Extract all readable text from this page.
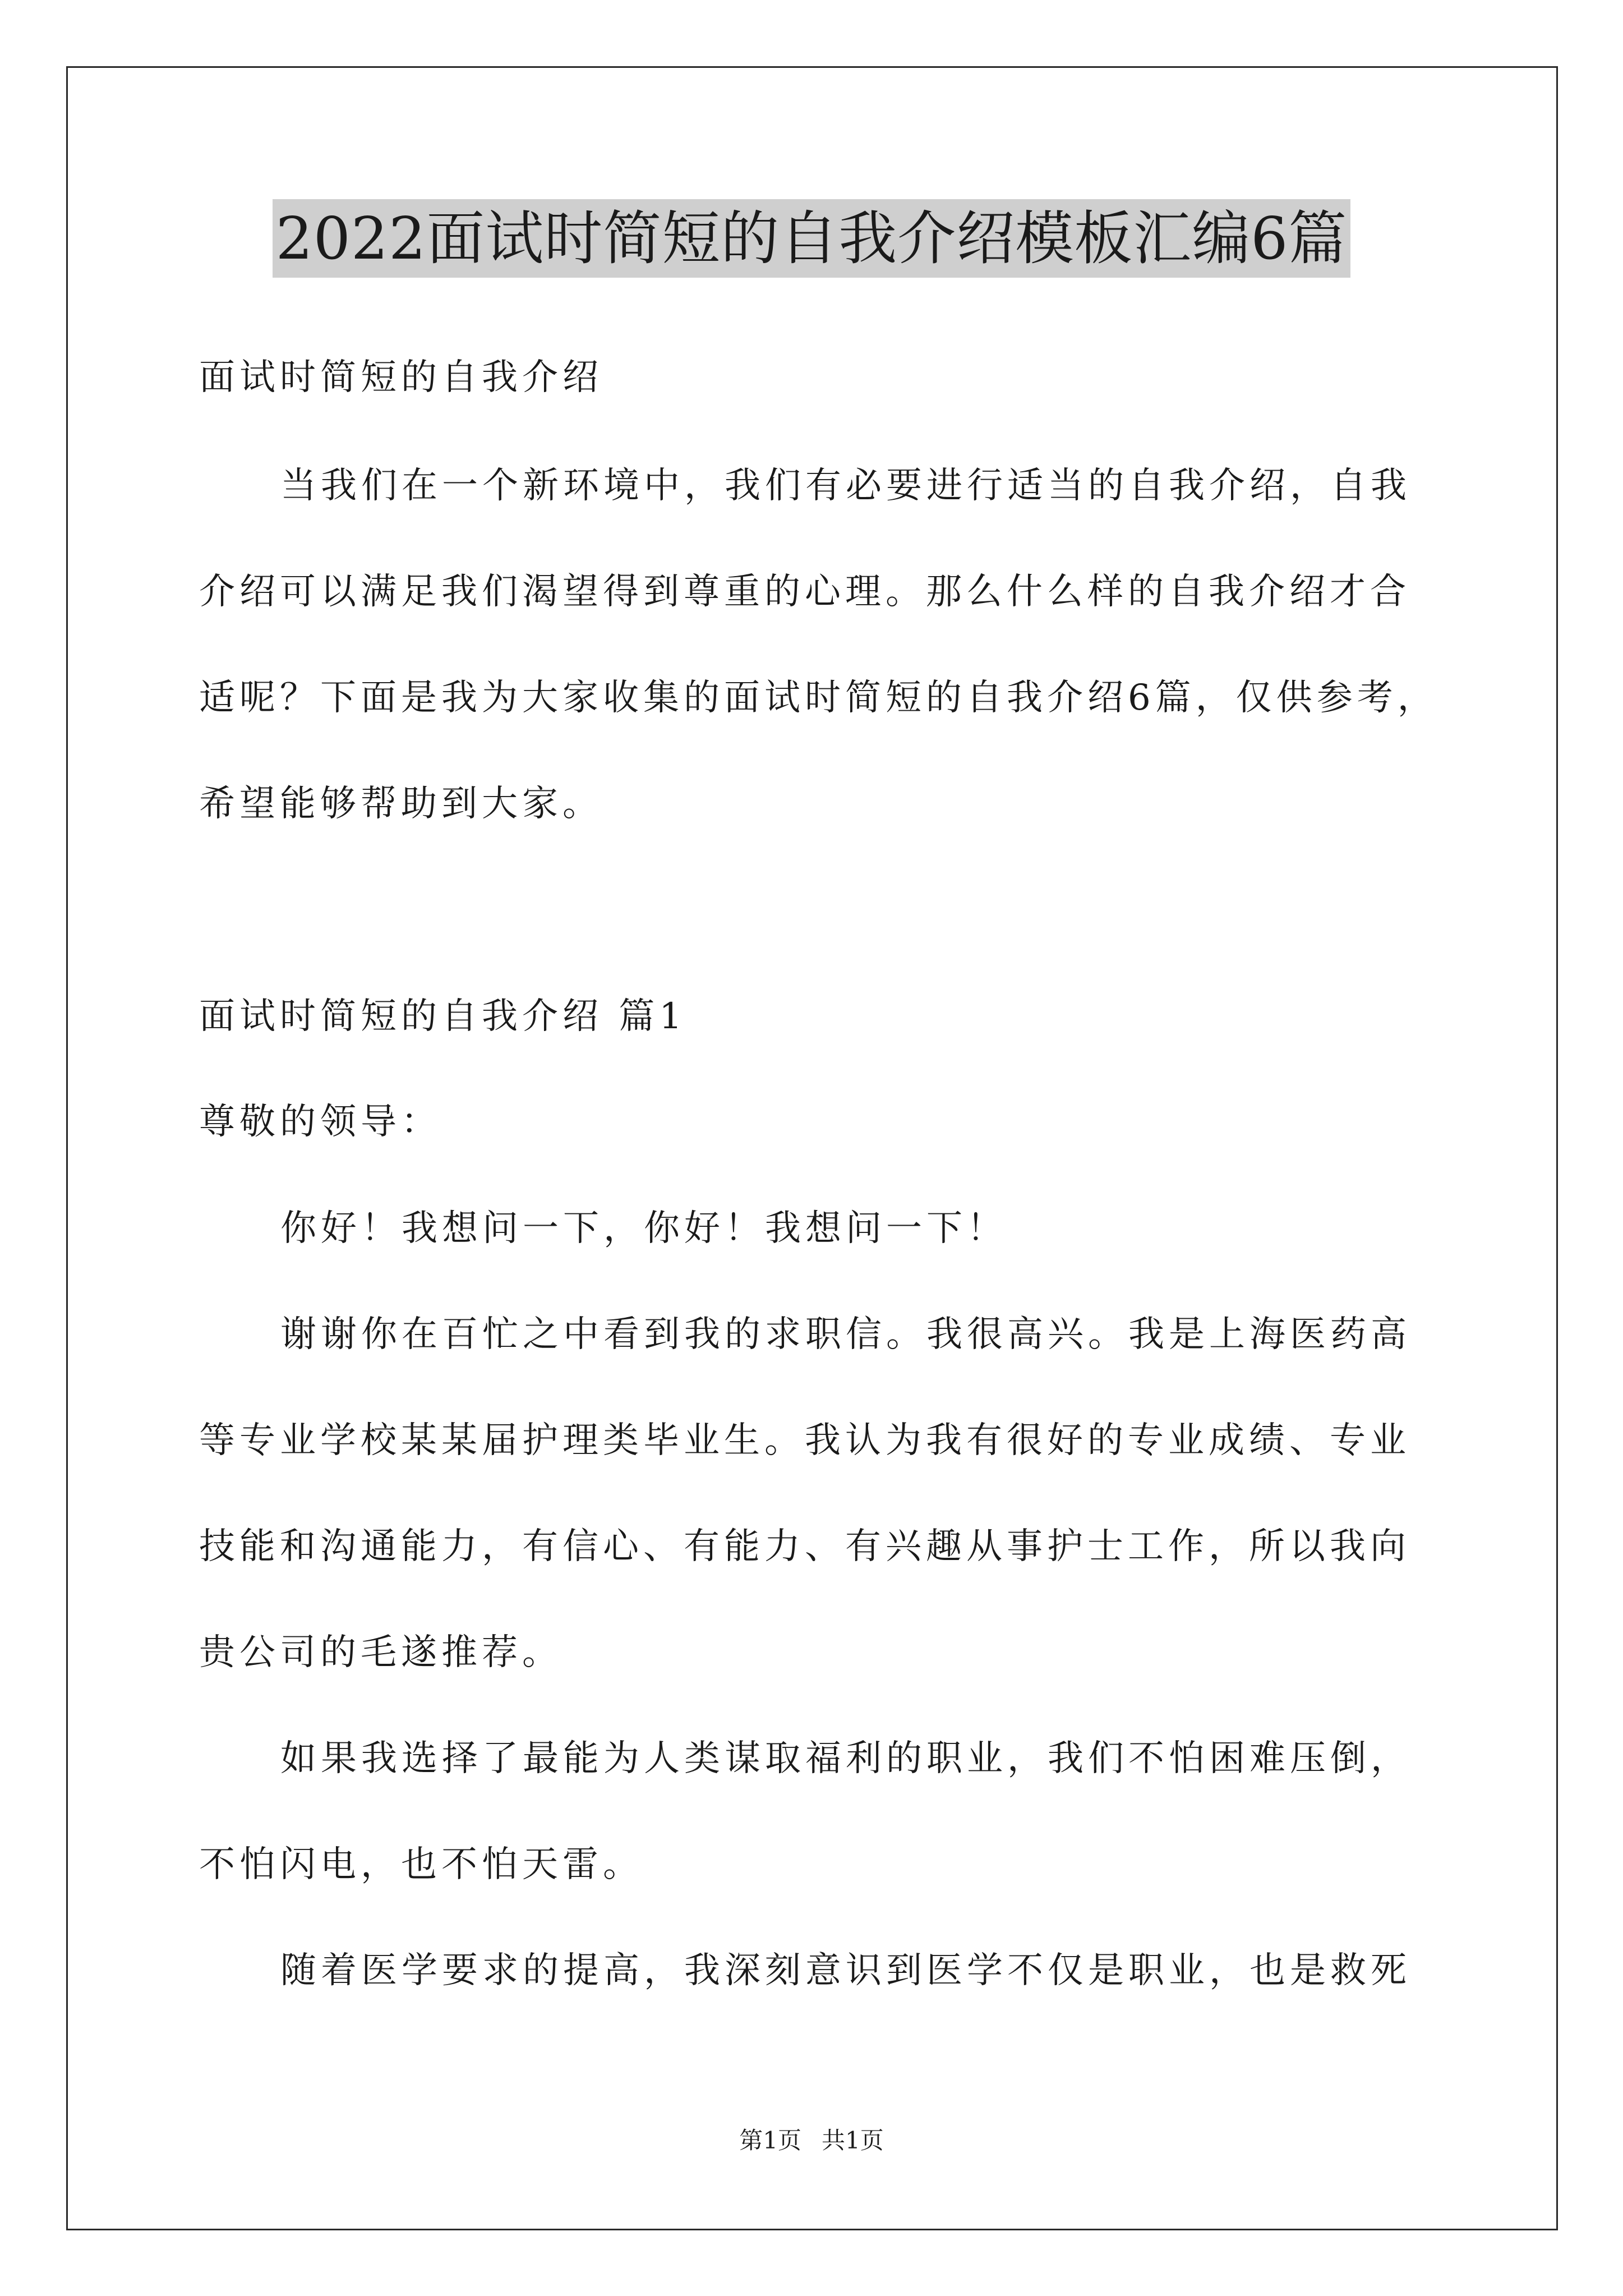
2022面试时简短的自我介绍模板汇编6篇
面试时简短的自我介绍
当我们在一个新环境中，我们有必要进行适当的自我介绍，自我
介绍可以满足我们渴望得到尊重的心理。那么什么样的自我介绍才合
适呢？下面是我为大家收集的面试时简短的自我介绍6篇，仅供参考，
希望能够帮助到大家。
面试时简短的自我介绍 篇1
尊敬的领导：
你好！我想问一下，你好！我想问一下！
谢谢你在百忙之中看到我的求职信。我很高兴。我是上海医药高
等专业学校某某届护理类毕业生。我认为我有很好的专业成绩、专业
技能和沟通能力，有信心、有能力、有兴趣从事护士工作，所以我向
贵公司的毛遂推荐。
如果我选择了最能为人类谋取福利的职业，我们不怕困难压倒，
不怕闪电，也不怕天雷。
随着医学要求的提高，我深刻意识到医学不仅是职业，也是救死
第1页 共1页
